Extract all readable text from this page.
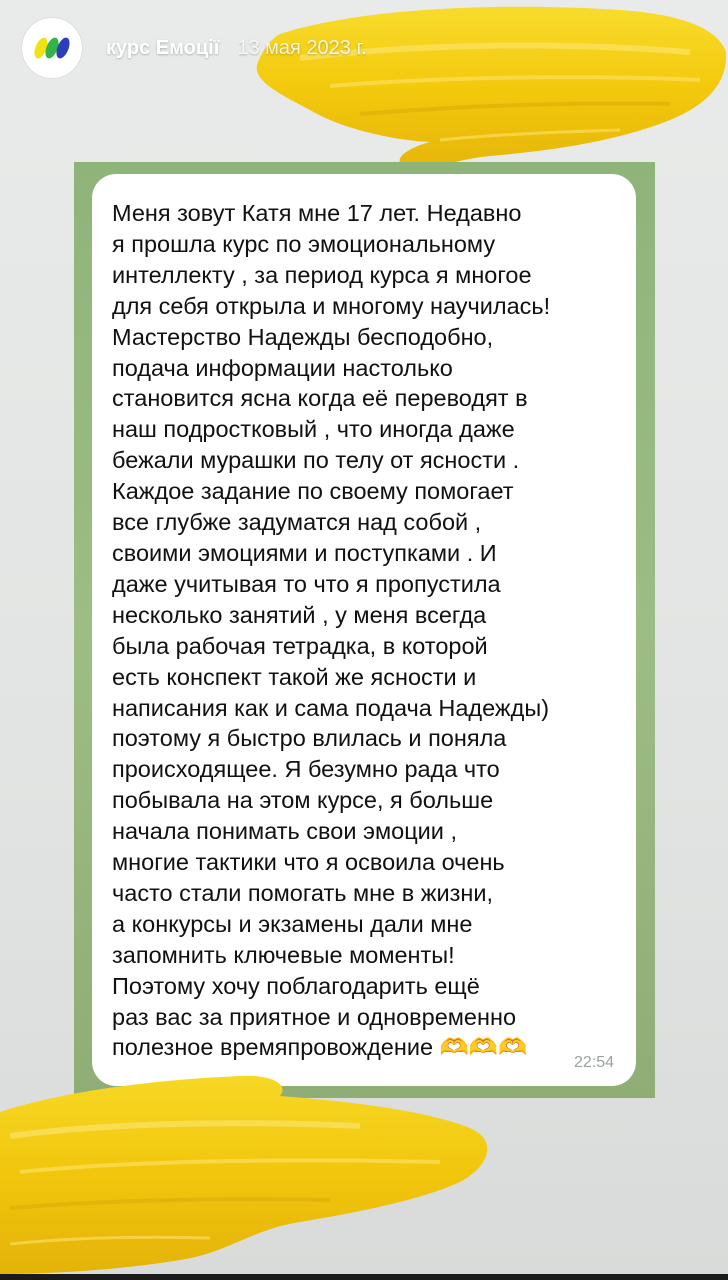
курс Емоції 13 мая 2023 г.

Меня зовут Катя мне 17 лет. Недавно
я прошла курс по эмоциональному
интеллекту , за период курса я многое
для себя открыла и многому научилась!
Мастерство Надежды бесподобно,
подача информации настолько
становится ясна когда её переводят в
наш подростковый , что иногда даже
бежали мурашки по телу от ясности .
Каждое задание по своему помогает
все глубже задуматся над собой ,
своими эмоциями и поступками . И
даже учитывая то что я пропустила
несколько занятий , у меня всегда
была рабочая тетрадка, в которой
есть конспект такой же ясности и
написания как и сама подача Надежды)
поэтому я быстро влилась и поняла
происходящее. Я безумно рада что
побывала на этом курсе, я больше
начала понимать свои эмоции ,
многие тактики что я освоила очень
часто стали помогать мне в жизни,
а конкурсы и экзамены дали мне
запомнить ключевые моменты!
Поэтому хочу поблагодарить ещё
раз вас за приятное и одновременно
полезное времяпровождение 🫶🫶🫶

22:54
